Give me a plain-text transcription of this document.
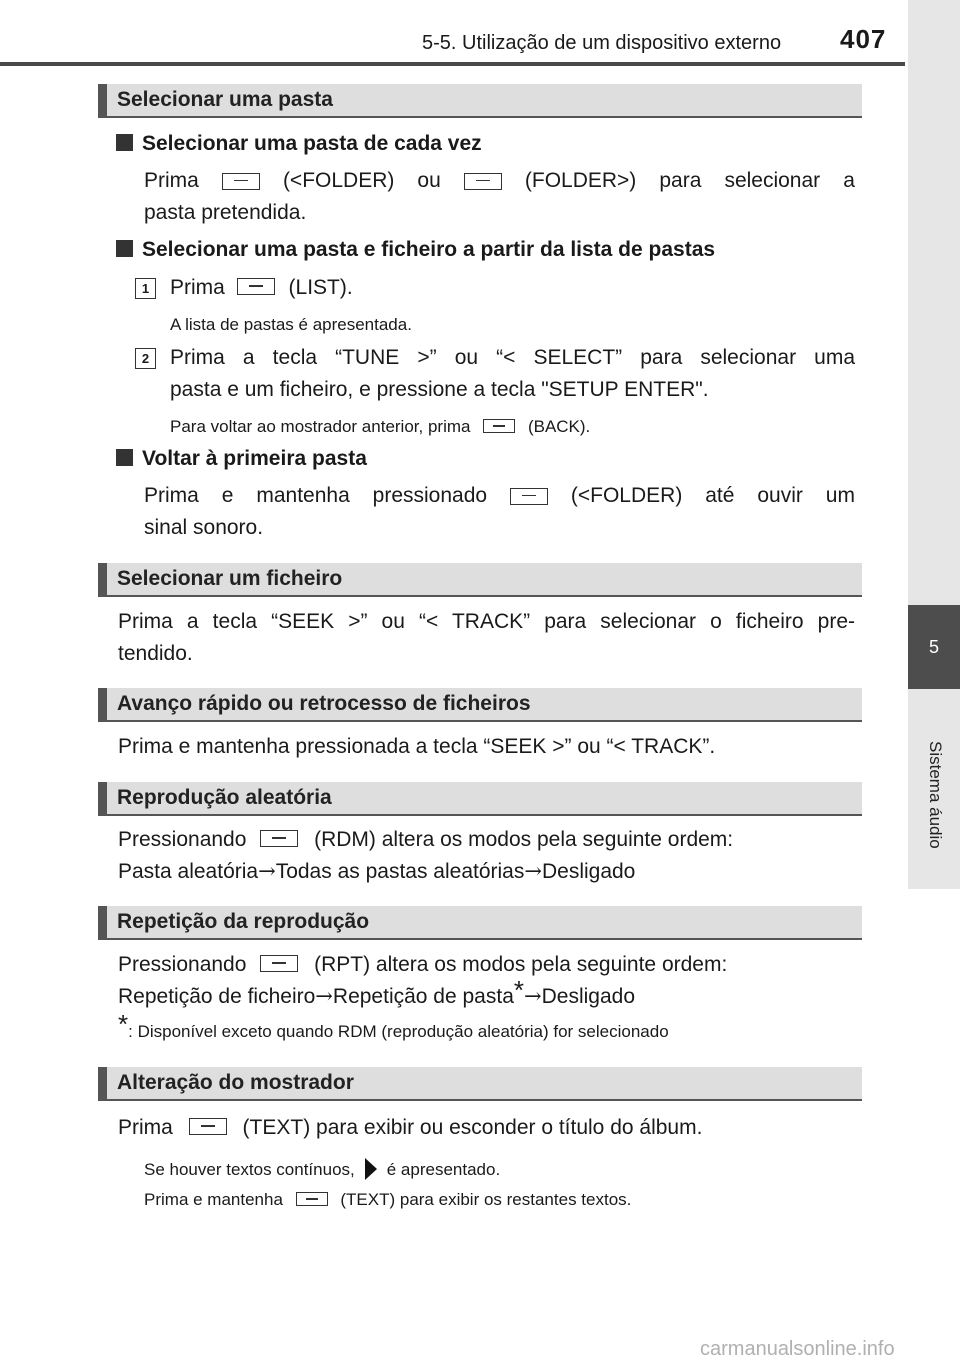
5-5. Utilização de um dispositivo externo 407
5
Sistema áudio
Selecionar uma pasta
Selecionar uma pasta de cada vez
Prima	(<FOLDER) ou	(FOLDER>) para selecionar a
pasta pretendida.
Selecionar uma pasta e ficheiro a partir da lista de pastas
1 Prima	(LIST).
A lista de pastas é apresentada.
2 Prima a tecla “TUNE >” ou “< SELECT” para selecionar uma
pasta e um ficheiro, e pressione a tecla "SETUP ENTER".
Para voltar ao mostrador anterior, prima	(BACK).
Voltar à primeira pasta
Prima e mantenha pressionado	(<FOLDER) até ouvir um
sinal sonoro.
Selecionar um ficheiro
Prima a tecla “SEEK >” ou “< TRACK” para selecionar o ficheiro pre-
tendido.
Avanço rápido ou retrocesso de ficheiros
Prima e mantenha pressionada a tecla “SEEK >” ou “< TRACK”.
Reprodução aleatória
Pressionando	(RDM) altera os modos pela seguinte ordem:
Pasta aleatória→Todas as pastas aleatórias→Desligado
Repetição da reprodução
Pressionando	(RPT) altera os modos pela seguinte ordem:
Repetição de ficheiro→Repetição de pasta*→Desligado
*: Disponível exceto quando RDM (reprodução aleatória) for selecionado
Alteração do mostrador
Prima	(TEXT) para exibir ou esconder o título do álbum.
Se houver textos contínuos, é apresentado.
Prima e mantenha	(TEXT) para exibir os restantes textos.
carmanualsonline.info
